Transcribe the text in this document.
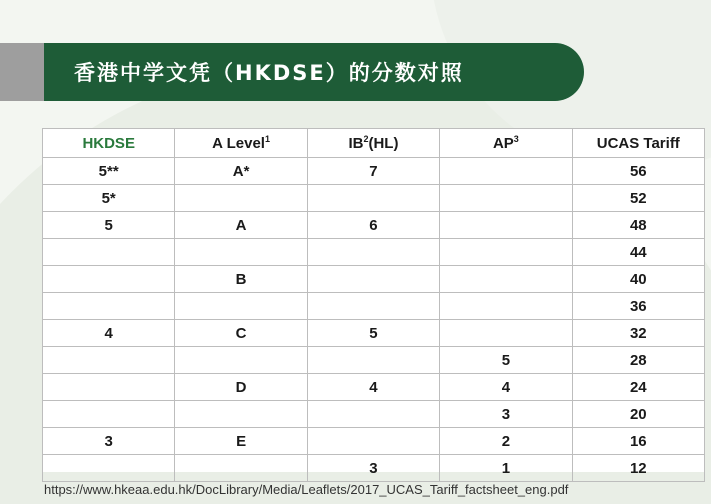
香港中学文凭（HKDSE）的分数对照
HKDSE	A Level$^1$	$IB^2(HL)$	$AP^3$	UCAS Tariff
5**	A*	7		56
5*				52
5	A	6		48
				44
	B			40
				36
4	C	5		32
			5	28
	D	4	4	24
			3	20
3	E		2	16
		3	1	12
https://www.hkeaa.edu.hk/DocLibrary/Media/Leaflets/2017_UCAS_Tariff_factsheet_eng.pdf
